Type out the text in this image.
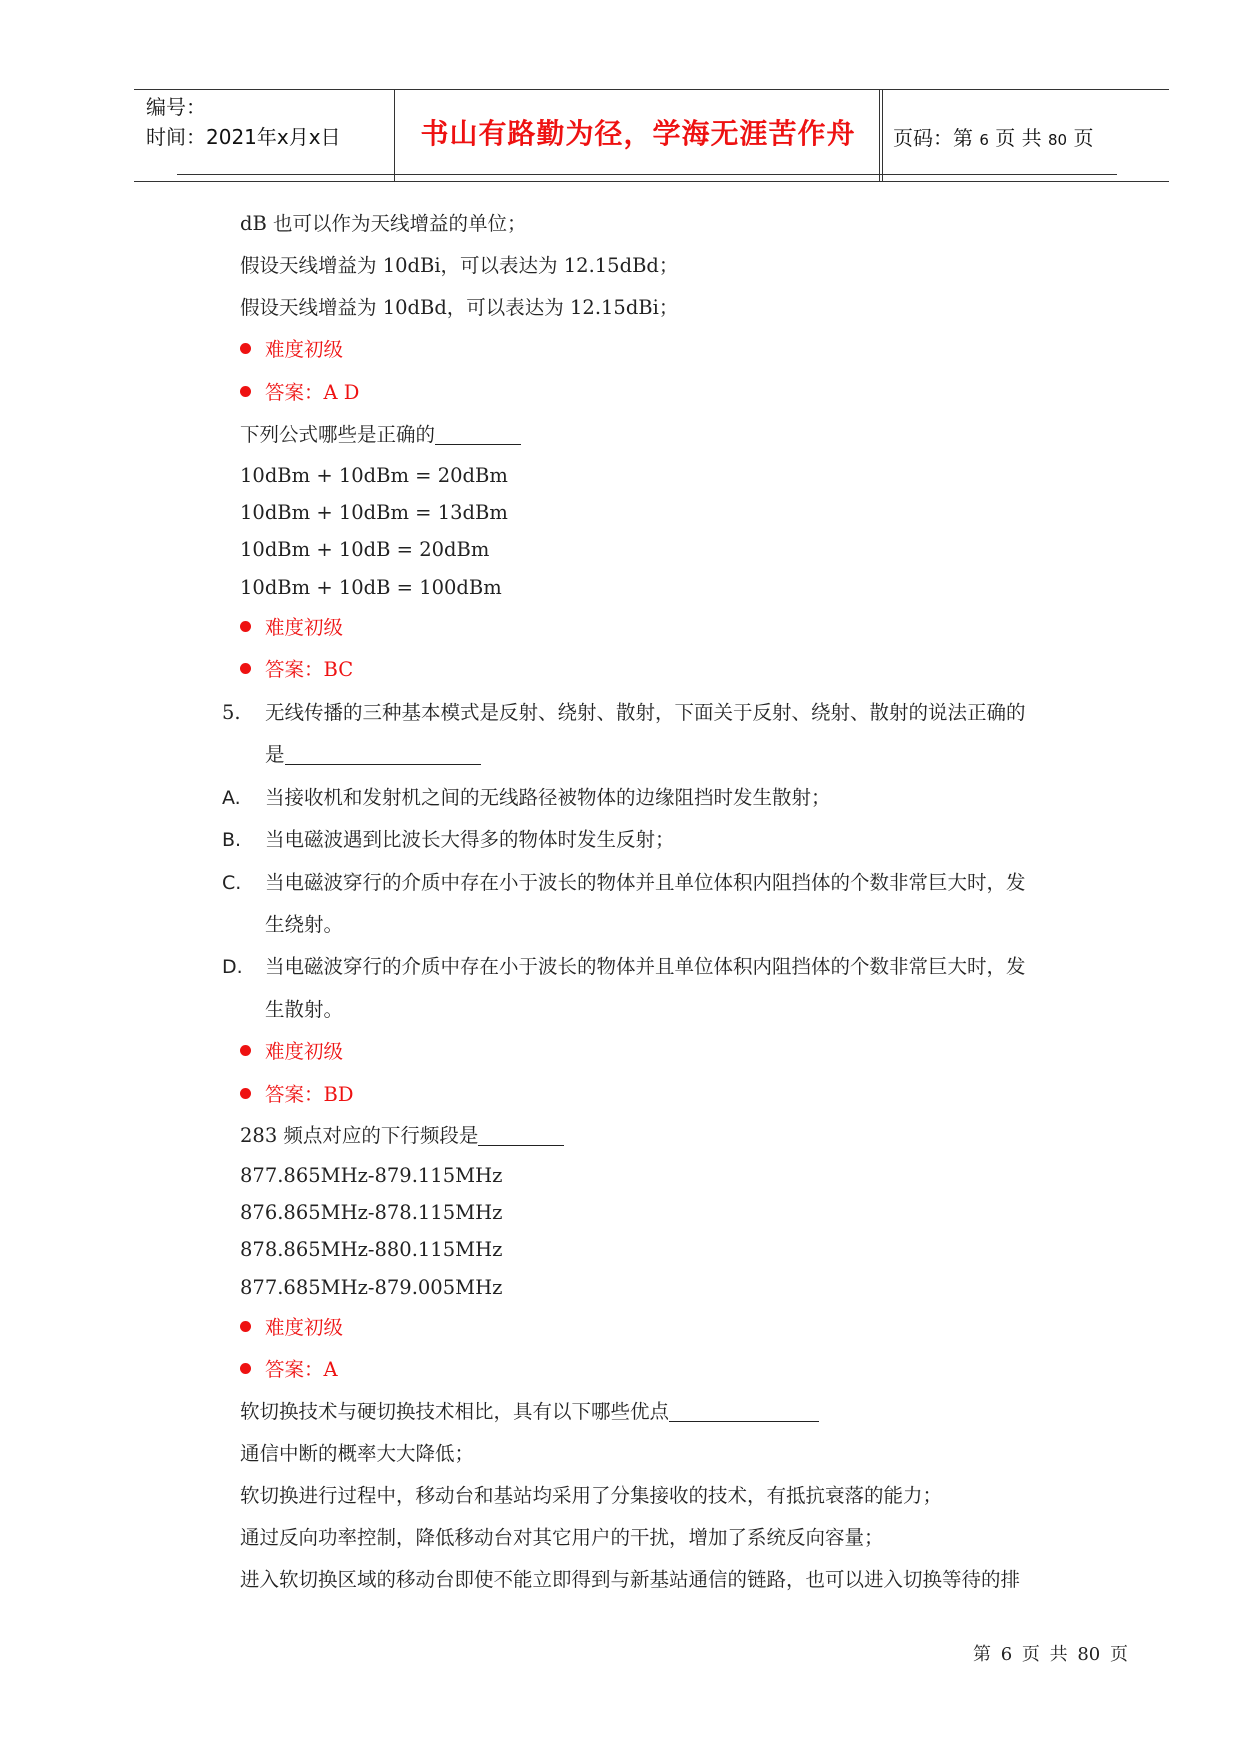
编号：
时间：2021年x月x日	书山有路勤为径，学海无涯苦作舟	页码：第 6 页 共 80 页
dB 也可以作为天线增益的单位；
假设天线增益为 10dBi，可以表达为 12.15dBd；
假设天线增益为 10dBd，可以表达为 12.15dBi；
难度初级
答案：A D
下列公式哪些是正确的
10dBm + 10dBm = 20dBm
10dBm + 10dBm = 13dBm
10dBm + 10dB = 20dBm
10dBm + 10dB = 100dBm
难度初级
答案：BC
5. 无线传播的三种基本模式是反射、绕射、散射，下面关于反射、绕射、散射的说法正确的
是
A. 当接收机和发射机之间的无线路径被物体的边缘阻挡时发生散射；
B. 当电磁波遇到比波长大得多的物体时发生反射；
C. 当电磁波穿行的介质中存在小于波长的物体并且单位体积内阻挡体的个数非常巨大时，发
生绕射。
D. 当电磁波穿行的介质中存在小于波长的物体并且单位体积内阻挡体的个数非常巨大时，发
生散射。
难度初级
答案：BD
283 频点对应的下行频段是
877.865MHz-879.115MHz
876.865MHz-878.115MHz
878.865MHz-880.115MHz
877.685MHz-879.005MHz
难度初级
答案：A
软切换技术与硬切换技术相比，具有以下哪些优点
通信中断的概率大大降低；
软切换进行过程中，移动台和基站均采用了分集接收的技术，有抵抗衰落的能力；
通过反向功率控制，降低移动台对其它用户的干扰，增加了系统反向容量；
进入软切换区域的移动台即使不能立即得到与新基站通信的链路，也可以进入切换等待的排
第 6 页 共 80 页
